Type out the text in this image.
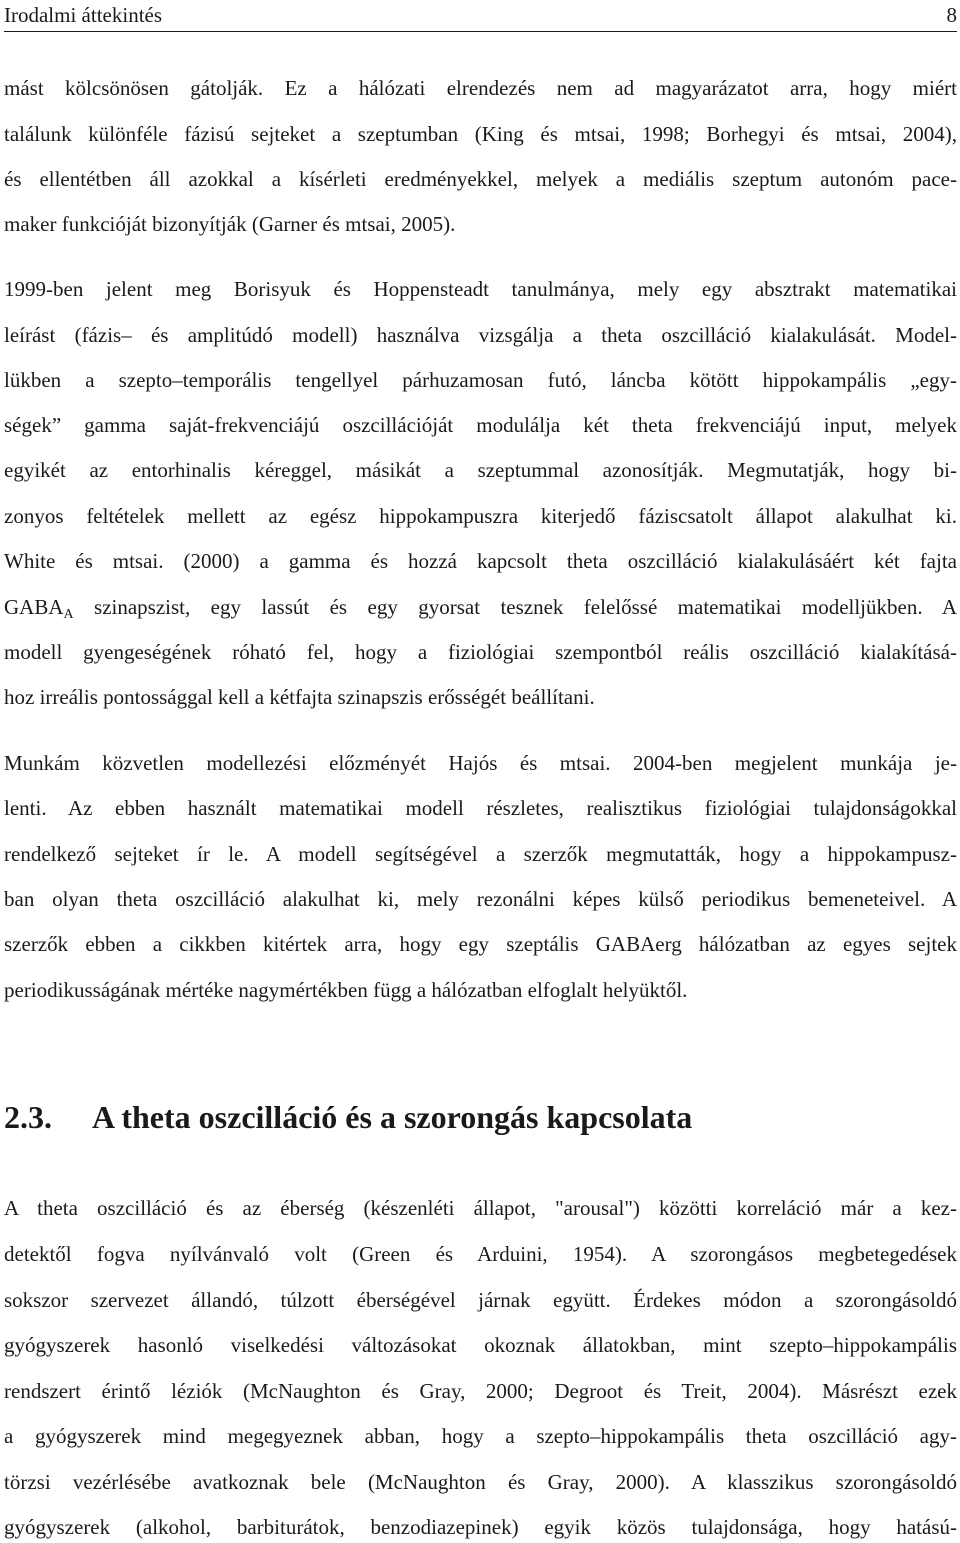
Irodalmi áttekintés	8
mást kölcsönösen gátolják. Ez a hálózati elrendezés nem ad magyarázatot arra, hogy miért
találunk különféle fázisú sejteket a szeptumban (King és mtsai, 1998; Borhegyi és mtsai, 2004),
és ellentétben áll azokkal a kísérleti eredményekkel, melyek a mediális szeptum autonóm pace-
maker funkcióját bizonyítják (Garner és mtsai, 2005).
1999-ben jelent meg Borisyuk és Hoppensteadt tanulmánya, mely egy absztrakt matematikai
leírást (fázis– és amplitúdó modell) használva vizsgálja a theta oszcilláció kialakulását. Model-
lükben a szepto–temporális tengellyel párhuzamosan futó, láncba kötött hippokampális „egy-
ségek” gamma saját-frekvenciájú oszcillációját modulálja két theta frekvenciájú input, melyek
egyikét az entorhinalis kéreggel, másikát a szeptummal azonosítják. Megmutatják, hogy bi-
zonyos feltételek mellett az egész hippokampuszra kiterjedő fáziscsatolt állapot alakulhat ki.
White és mtsai. (2000) a gamma és hozzá kapcsolt theta oszcilláció kialakulásáért két fajta
$GABA_A$ szinapszist, egy lassút és egy gyorsat tesznek felelőssé matematikai modelljükben. A
modell gyengeségének róható fel, hogy a fiziológiai szempontból reális oszcilláció kialakításá-
hoz irreális pontossággal kell a kétfajta szinapszis erősségét beállítani.
Munkám közvetlen modellezési előzményét Hajós és mtsai. 2004-ben megjelent munkája je-
lenti. Az ebben használt matematikai modell részletes, realisztikus fiziológiai tulajdonságokkal
rendelkező sejteket ír le. A modell segítségével a szerzők megmutatták, hogy a hippokampusz-
ban olyan theta oszcilláció alakulhat ki, mely rezonálni képes külső periodikus bemeneteivel. A
szerzők ebben a cikkben kitértek arra, hogy egy szeptális GABAerg hálózatban az egyes sejtek
periodikusságának mértéke nagymértékben függ a hálózatban elfoglalt helyüktől.
2.3. A theta oszcilláció és a szorongás kapcsolata
A theta oszcilláció és az éberség (készenléti állapot, "arousal") közötti korreláció már a kez-
detektől fogva nyílvánvaló volt (Green és Arduini, 1954). A szorongásos megbetegedések
sokszor szervezet állandó, túlzott éberségével járnak együtt. Érdekes módon a szorongásoldó
gyógyszerek hasonló viselkedési változásokat okoznak állatokban, mint szepto–hippokampális
rendszert érintő léziók (McNaughton és Gray, 2000; Degroot és Treit, 2004). Másrészt ezek
a gyógyszerek mind megegyeznek abban, hogy a szepto–hippokampális theta oszcilláció agy-
törzsi vezérlésébe avatkoznak bele (McNaughton és Gray, 2000). A klasszikus szorongásoldó
gyógyszerek (alkohol, barbiturátok, benzodiazepinek) egyik közös tulajdonsága, hogy hatású-
